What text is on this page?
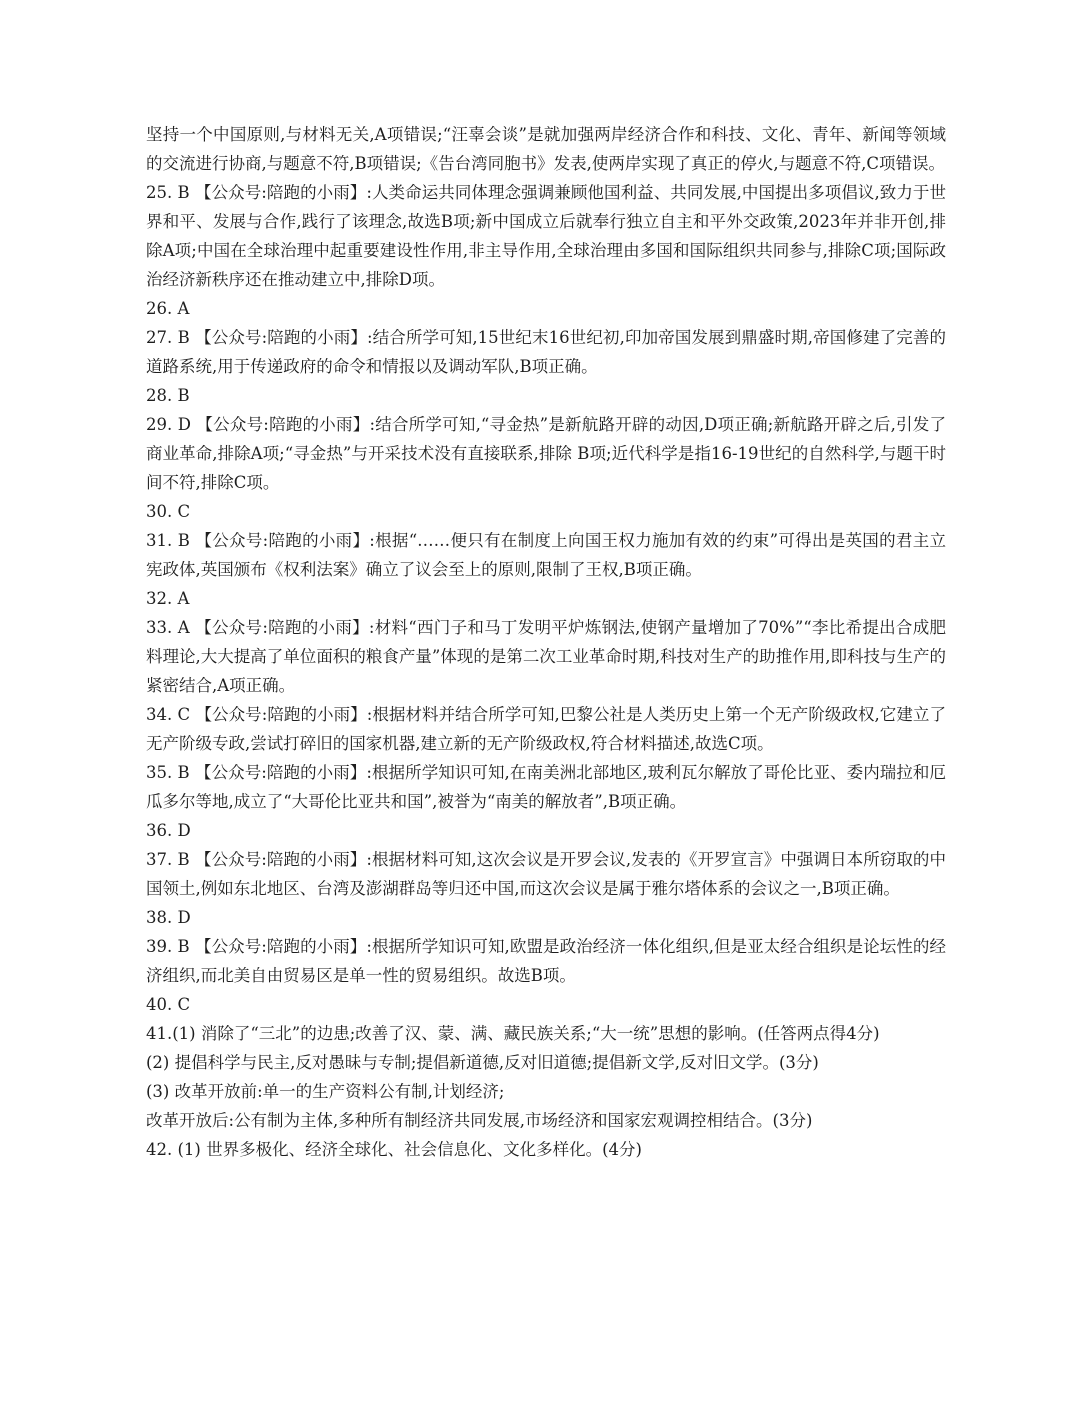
坚持一个中国原则,与材料无关,A项错误;“汪辜会谈”是就加强两岸经济合作和科技、文化、青年、新闻等领域的交流进行协商,与题意不符,B项错误;《告台湾同胞书》发表,使两岸实现了真正的停火,与题意不符,C项错误。

25. B 【公众号:陪跑的小雨】:人类命运共同体理念强调兼顾他国利益、共同发展,中国提出多项倡议,致力于世界和平、发展与合作,践行了该理念,故选B项;新中国成立后就奉行独立自主和平外交政策,2023年并非开创,排除A项;中国在全球治理中起重要建设性作用,非主导作用,全球治理由多国和国际组织共同参与,排除C项;国际政治经济新秩序还在推动建立中,排除D项。

26. A

27. B 【公众号:陪跑的小雨】:结合所学可知,15世纪末16世纪初,印加帝国发展到鼎盛时期,帝国修建了完善的道路系统,用于传递政府的命令和情报以及调动军队,B项正确。

28. B

29. D 【公众号:陪跑的小雨】:结合所学可知,“寻金热”是新航路开辟的动因,D项正确;新航路开辟之后,引发了商业革命,排除A项;“寻金热”与开采技术没有直接联系,排除 B项;近代科学是指16-19世纪的自然科学,与题干时间不符,排除C项。

30. C

31. B 【公众号:陪跑的小雨】:根据“……便只有在制度上向国王权力施加有效的约束”可得出是英国的君主立宪政体,英国颁布《权利法案》确立了议会至上的原则,限制了王权,B项正确。

32. A

33. A 【公众号:陪跑的小雨】:材料“西门子和马丁发明平炉炼钢法,使钢产量增加了70%”“李比希提出合成肥料理论,大大提高了单位面积的粮食产量”体现的是第二次工业革命时期,科技对生产的助推作用,即科技与生产的紧密结合,A项正确。

34. C 【公众号:陪跑的小雨】:根据材料并结合所学可知,巴黎公社是人类历史上第一个无产阶级政权,它建立了无产阶级专政,尝试打碎旧的国家机器,建立新的无产阶级政权,符合材料描述,故选C项。

35. B 【公众号:陪跑的小雨】:根据所学知识可知,在南美洲北部地区,玻利瓦尔解放了哥伦比亚、委内瑞拉和厄瓜多尔等地,成立了“大哥伦比亚共和国”,被誉为“南美的解放者”,B项正确。

36. D

37. B 【公众号:陪跑的小雨】:根据材料可知,这次会议是开罗会议,发表的《开罗宣言》中强调日本所窃取的中国领土,例如东北地区、台湾及澎湖群岛等归还中国,而这次会议是属于雅尔塔体系的会议之一,B项正确。

38. D

39. B 【公众号:陪跑的小雨】:根据所学知识可知,欧盟是政治经济一体化组织,但是亚太经合组织是论坛性的经济组织,而北美自由贸易区是单一性的贸易组织。故选B项。

40. C

41.(1) 消除了“三北”的边患;改善了汉、蒙、满、藏民族关系;“大一统”思想的影响。(任答两点得4分)

(2) 提倡科学与民主,反对愚昧与专制;提倡新道德,反对旧道德;提倡新文学,反对旧文学。(3分)

(3) 改革开放前:单一的生产资料公有制,计划经济;

改革开放后:公有制为主体,多种所有制经济共同发展,市场经济和国家宏观调控相结合。(3分)

42. (1) 世界多极化、经济全球化、社会信息化、文化多样化。(4分)
